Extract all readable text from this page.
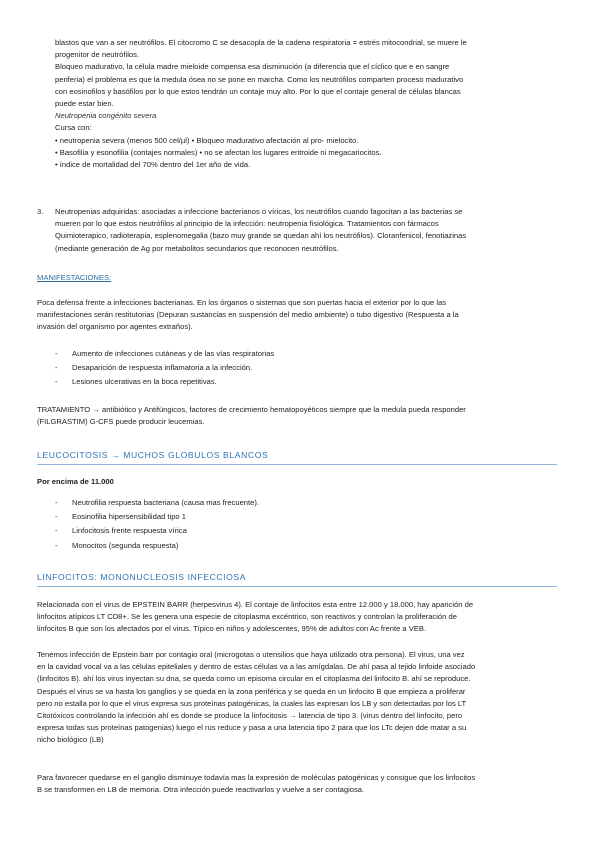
blastos que van a ser neutrófilos. El citocromo C se desacopla de la cadena respiratoria = estrés mitocondrial, se muere le
progenitor de neutrófilos.
Bloqueo madurativo, la célula madre mieloide compensa esa disminución (a diferencia que el cíclico que e en sangre
periferia) el problema es que la medula ósea no se pone en marcha. Como los neutrófilos comparten proceso madurativo
con eosinofilos y basófilos por lo que estos tendrán un contaje muy alto. Por lo que el contaje general de células blancas
puede estar bien.
Neutropenia congénito severa
Cursa con:
• neutropenia severa (menos 500 cel/µl) • Bloqueo madurativo afectación al pro- mielocito.
• Basofilia y esonofilia (contajes normales) • no se afectan los lugares eritroide ni megacariocitos.
• índice de mortalidad del 70% dentro del 1er año de vida.
3. Neutropenias adquiridas: asociadas a infeccione bacterianos o víricas, los neutrófilos cuando fagocitan a las bacterias se
mueren por lo que estos neutrófilos al principio de la infección: neutropenia fisiológica. Tratamientos con fármacos
Quimioterapico, radioterapia, esplenomegalia (bazo muy grande se quedan ahí los neutrófilos). Cloranfenicol, fenotiazinas
(mediante generación de Ag por metabolitos secundarios que reconocen neutrófilos.
MANIFESTACIONES:
Poca defensa frente a infecciones bacterianas. En los órganos o sistemas que son puertas hacia el exterior por lo que las
manifestaciones serán restitutorias (Depuran sustancias en suspensión del medio ambiente) o tubo digestivo (Respuesta a la
invasión del organismo por agentes extraños).
- Aumento de infecciones cutáneas y de las vías respiratorias
- Desaparición de respuesta inflamatoria a la infección.
- Lesiones ulcerativas en la boca repetitivas.
TRATAMIENTO → antibiótico y Antifúngicos, factores de crecimiento hematopoyéticos siempre que la medula pueda responder
(FILGRASTIM) G-CFS puede producir leucemias.
LEUCOCITOSIS → MUCHOS GLOBULOS BLANCOS
Por encima de 11.000
- Neutrofilia respuesta bacteriana (causa mas frecuente).
- Eosinofilia hipersensibilidad tipo 1
- Linfocitosis frente respuesta vírica
- Monocitos (segunda respuesta)
LINFOCITOS: MONONUCLEOSIS INFECCIOSA
Relacionada con el virus de EPSTEIN BARR (herpesvirus 4). El contaje de linfocitos esta entre 12.000 y 18.000, hay aparición de
linfocitos atípicos LT CD8+. Se les genera una especie de citoplasma excéntrico, son reactivos y controlan la proliferación de
linfocitos B que son los afectados por el virus. Típico en niños y adolescentes, 95% de adultos con Ac frente a VEB.
Tenemos infección de Epstein barr por contagio oral (microgotas o utensilios que haya utilizado otra persona). El virus, una vez
en la cavidad vocal va a las células epiteliales y dentro de estas células va a las amígdalas. De ahí pasa al tejido linfoide asociado
(linfocitos B). ahí los virus inyectan su dna, se queda como un episoma circular en el citoplasma del linfocito B. ahí se reproduce.
Después el virus se va hasta los ganglios y se queda en la zona periférica y se queda en un linfocito B que empieza a proliferar
pero no estalla por lo que el virus expresa sus proteínas patogénicas, la cuales las expresan los LB y son detectadas por los LT
Citotóxicos controlando la infección ahí es donde se produce la linfocitosis → latencia de tipo 3. (virus dentro del linfocito, pero
expresa todas sus proteínas patogenias) luego el rus reduce y pasa a una latencia tipo 2 para que los LTc dejen dde matar a su
nicho biológico (LB)
Para favorecer quedarse en el ganglio disminuye todavía mas la expresión de moléculas patogénicas y consigue que los linfocitos
B se transformen en LB de memoria. Otra infección puede reactivarlos y vuelve a ser contagiosa.
